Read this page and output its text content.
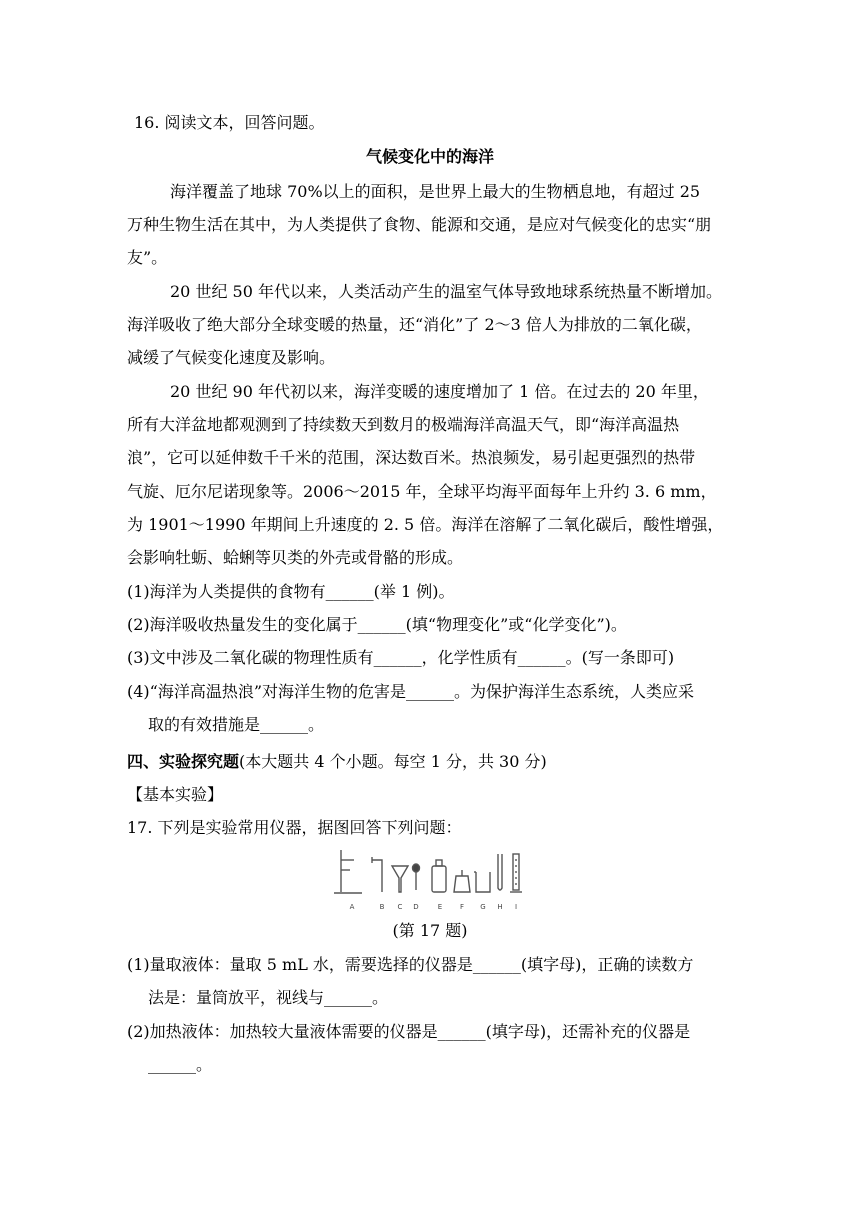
16. 阅读文本，回答问题。
气候变化中的海洋
海洋覆盖了地球 70%以上的面积，是世界上最大的生物栖息地，有超过 25
万种生物生活在其中，为人类提供了食物、能源和交通，是应对气候变化的忠实“朋
友”。
20 世纪 50 年代以来，人类活动产生的温室气体导致地球系统热量不断增加。
海洋吸收了绝大部分全球变暖的热量，还“消化”了 2～3 倍人为排放的二氧化碳，
减缓了气候变化速度及影响。
20 世纪 90 年代初以来，海洋变暖的速度增加了 1 倍。在过去的 20 年里，
所有大洋盆地都观测到了持续数天到数月的极端海洋高温天气，即“海洋高温热
浪”，它可以延伸数千千米的范围，深达数百米。热浪频发，易引起更强烈的热带
气旋、厄尔尼诺现象等。2006～2015 年，全球平均海平面每年上升约 3. 6 mm，
为 1901～1990 年期间上升速度的 2. 5 倍。海洋在溶解了二氧化碳后，酸性增强，
会影响牡蛎、蛤蜊等贝类的外壳或骨骼的形成。
(1)海洋为人类提供的食物有______(举 1 例)。
(2)海洋吸收热量发生的变化属于______(填“物理变化”或“化学变化”)。
(3)文中涉及二氧化碳的物理性质有______，化学性质有______。(写一条即可)
(4)“海洋高温热浪”对海洋生物的危害是______。为保护海洋生态系统，人类应采
取的有效措施是______。
四、实验探究题(本大题共 4 个小题。每空 1 分，共 30 分)
【基本实验】
17. 下列是实验常用仪器，据图回答下列问题：
A	B C D	E	F G H I
(第 17 题)
(1)量取液体：量取 5 mL 水，需要选择的仪器是______(填字母)，正确的读数方
法是：量筒放平，视线与______。
(2)加热液体：加热较大量液体需要的仪器是______(填字母)，还需补充的仪器是
______。
